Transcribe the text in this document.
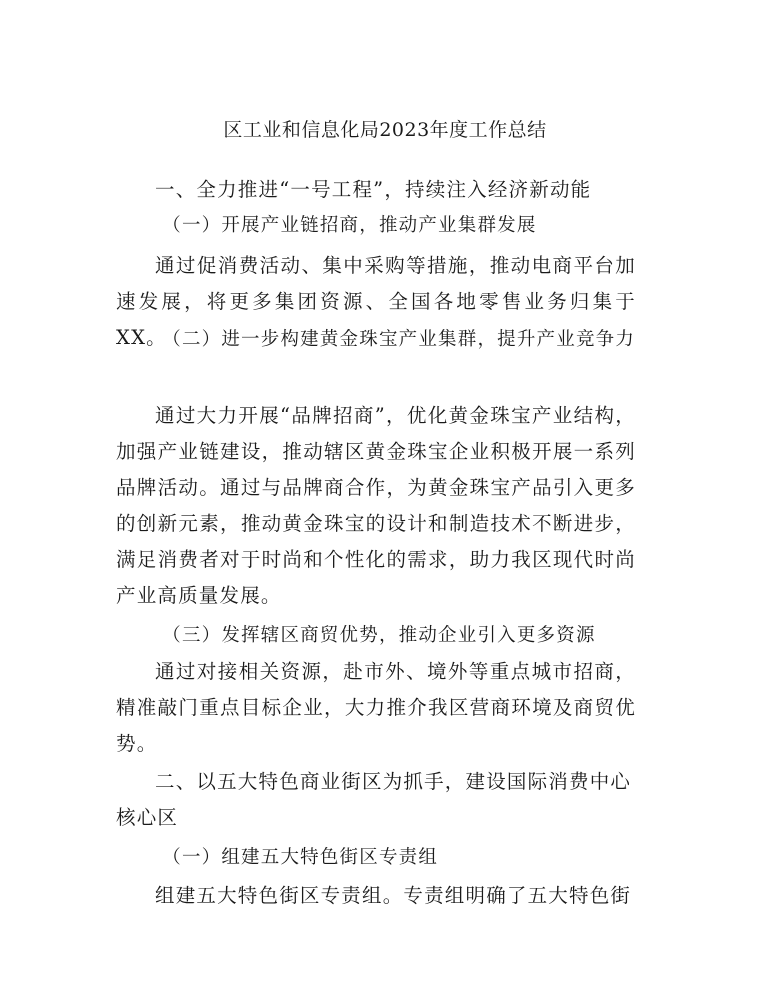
区工业和信息化局2023年度工作总结

一、全力推进“一号工程”，持续注入经济新动能

（一）开展产业链招商，推动产业集群发展

通过促消费活动、集中采购等措施，推动电商平台加速发展，将更多集团资源、全国各地零售业务归集于XX。

（二）进一步构建黄金珠宝产业集群，提升产业竞争力

通过大力开展“品牌招商”，优化黄金珠宝产业结构，加强产业链建设，推动辖区黄金珠宝企业积极开展一系列品牌活动。通过与品牌商合作，为黄金珠宝产品引入更多的创新元素，推动黄金珠宝的设计和制造技术不断进步，满足消费者对于时尚和个性化的需求，助力我区现代时尚产业高质量发展。

（三）发挥辖区商贸优势，推动企业引入更多资源

通过对接相关资源，赴市外、境外等重点城市招商，精准敲门重点目标企业，大力推介我区营商环境及商贸优势。

二、以五大特色商业街区为抓手，建设国际消费中心核心区

（一）组建五大特色街区专责组

组建五大特色街区专责组。专责组明确了五大特色街
